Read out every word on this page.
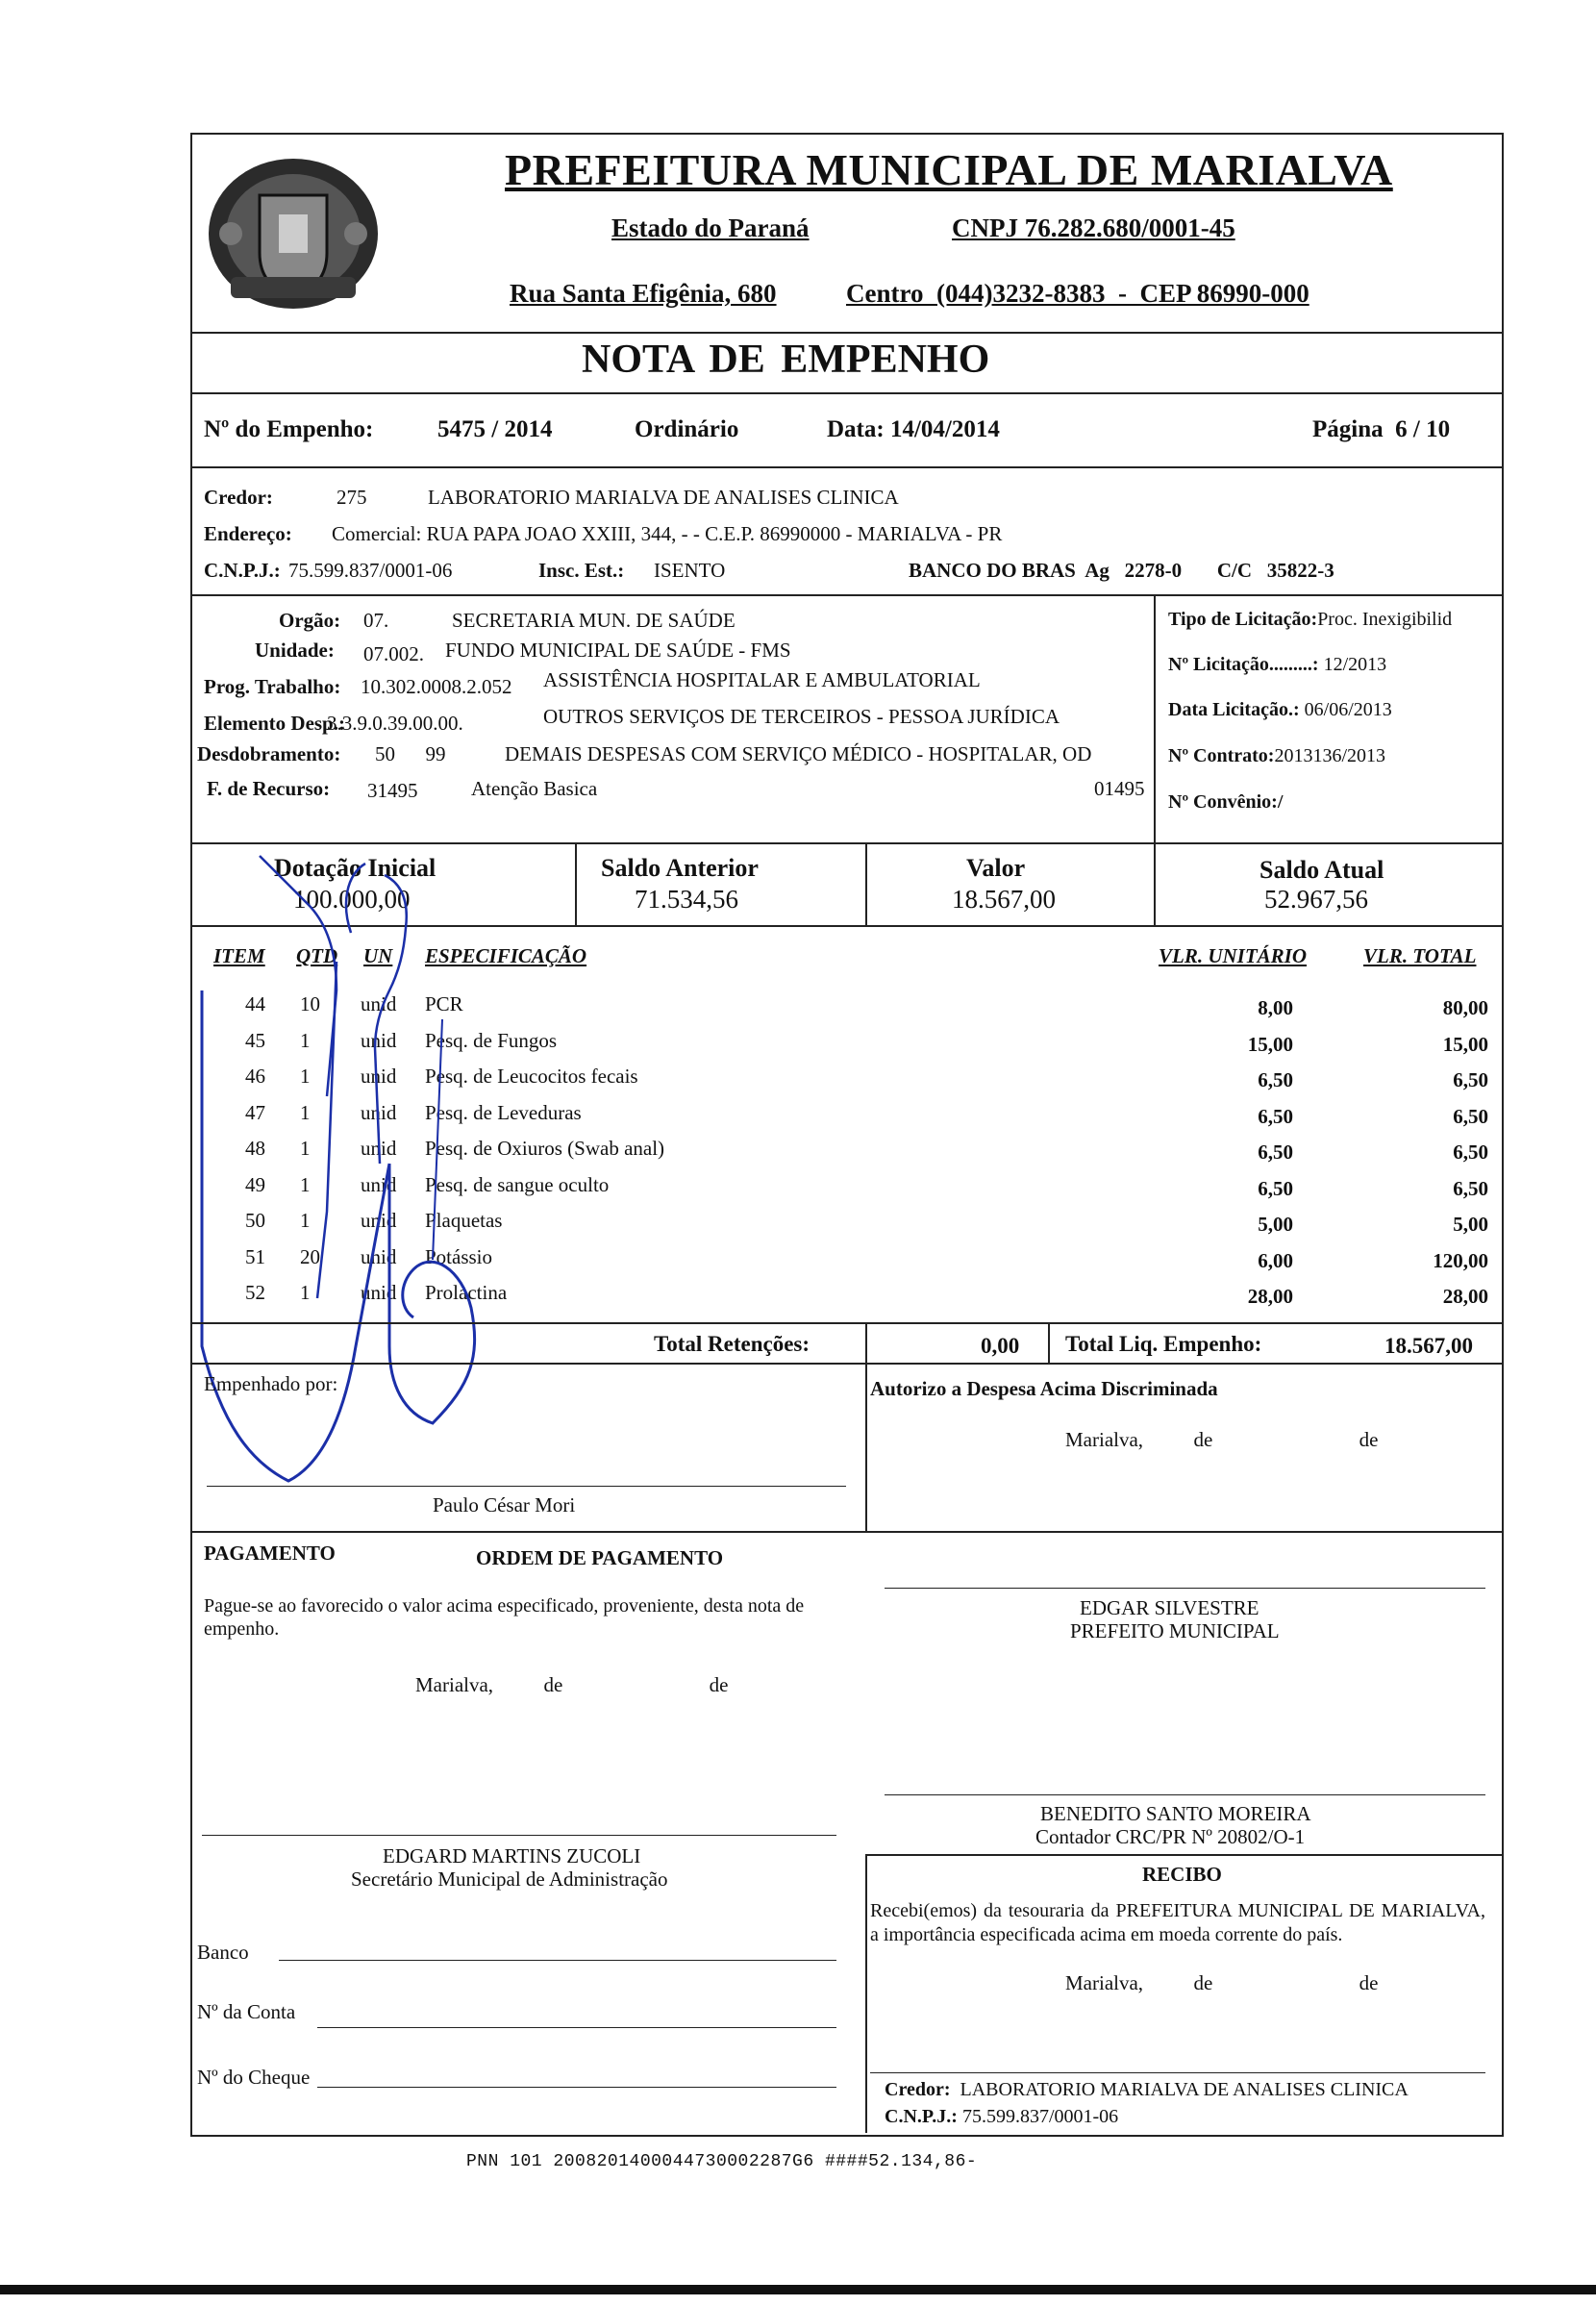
PREFEITURA MUNICIPAL DE MARIALVA
Estado do Paraná	CNPJ 76.282.680/0001-45
Rua Santa Efigênia, 680	Centro  (044)3232-8383  -  CEP 86990-000
NOTA DE EMPENHO
Nº do Empenho:	5475 / 2014	Ordinário	Data: 14/04/2014	Página  6 / 10
Credor:	275	LABORATORIO MARIALVA DE ANALISES CLINICA
Endereço: Comercial: RUA PAPA JOAO XXIII, 344, - - C.E.P. 86990000 - MARIALVA - PR
C.N.P.J.: 75.599.837/0001-06	Insc. Est.: ISENTO	BANCO DO BRAS  Ag   2278-0       C/C   35822-3
Orgão: 07.	SECRETARIA MUN. DE SAÚDE
Unidade: 07.002. FUNDO MUNICIPAL DE SAÚDE - FMS
Prog. Trabalho: 10.302.0008.2.052 ASSISTÊNCIA HOSPITALAR E AMBULATORIAL
Elemento Desp.:
3.3.9.0.39.00.00.	OUTROS SERVIÇOS DE TERCEIROS - PESSOA JURÍDICA
Desdobramento: 50      99	DEMAIS DESPESAS COM SERVIÇO MÉDICO - HOSPITALAR, OD
F. de Recurso: 31495	Atenção Basica	01495
Tipo de Licitação:Proc. Inexigibilid
Nº Licitação.........: 12/2013
Data Licitação.: 06/06/2013
Nº Contrato:2013136/2013
Nº Convênio:/
Dotação Inicial
100.000,00
Saldo Anterior
71.534,56
Valor
18.567,00
Saldo Atual
52.967,56
ITEM QTD UN ESPECIFICAÇÃO	VLR. UNITÁRIO	VLR. TOTAL
44 10 unid PCR	8,00	80,00
45 1	unid Pesq. de Fungos	15,00	15,00
46 1	unid Pesq. de Leucocitos fecais	6,50	6,50
47 1	unid Pesq. de Leveduras	6,50	6,50
48 1	unid Pesq. de Oxiuros (Swab anal)	6,50	6,50
49 1	unid Pesq. de sangue oculto	6,50	6,50
50 1	unid Plaquetas	5,00	5,00
51 20 unid Potássio	6,00	120,00
52 1	unid Prolactina	28,00	28,00
Total Retenções:	0,00 Total Liq. Empenho:	18.567,00
Empenhado por:	Autorizo a Despesa Acima Discriminada
Marialva,          de                             de
Paulo César Mori
PAGAMENTO	ORDEM DE PAGAMENTO
Pague-se ao favorecido o valor acima especificado, proveniente, desta nota de empenho.
Marialva,          de                             de
EDGAR SILVESTRE
PREFEITO MUNICIPAL
BENEDITO SANTO MOREIRA
Contador CRC/PR Nº 20802/O-1
EDGARD MARTINS ZUCOLI
Secretário Municipal de Administração	RECIBO
Recebi(emos) da tesouraria da PREFEITURA MUNICIPAL DE MARIALVA, a importância especificada acima em moeda corrente do país.
Marialva,          de                             de
Credor: LABORATORIO MARIALVA DE ANALISES CLINICA
C.N.P.J.: 75.599.837/0001-06
Banco
Nº da Conta
Nº do Cheque
PNN 101 2008201400044730002287G6 ####52.134,86-
